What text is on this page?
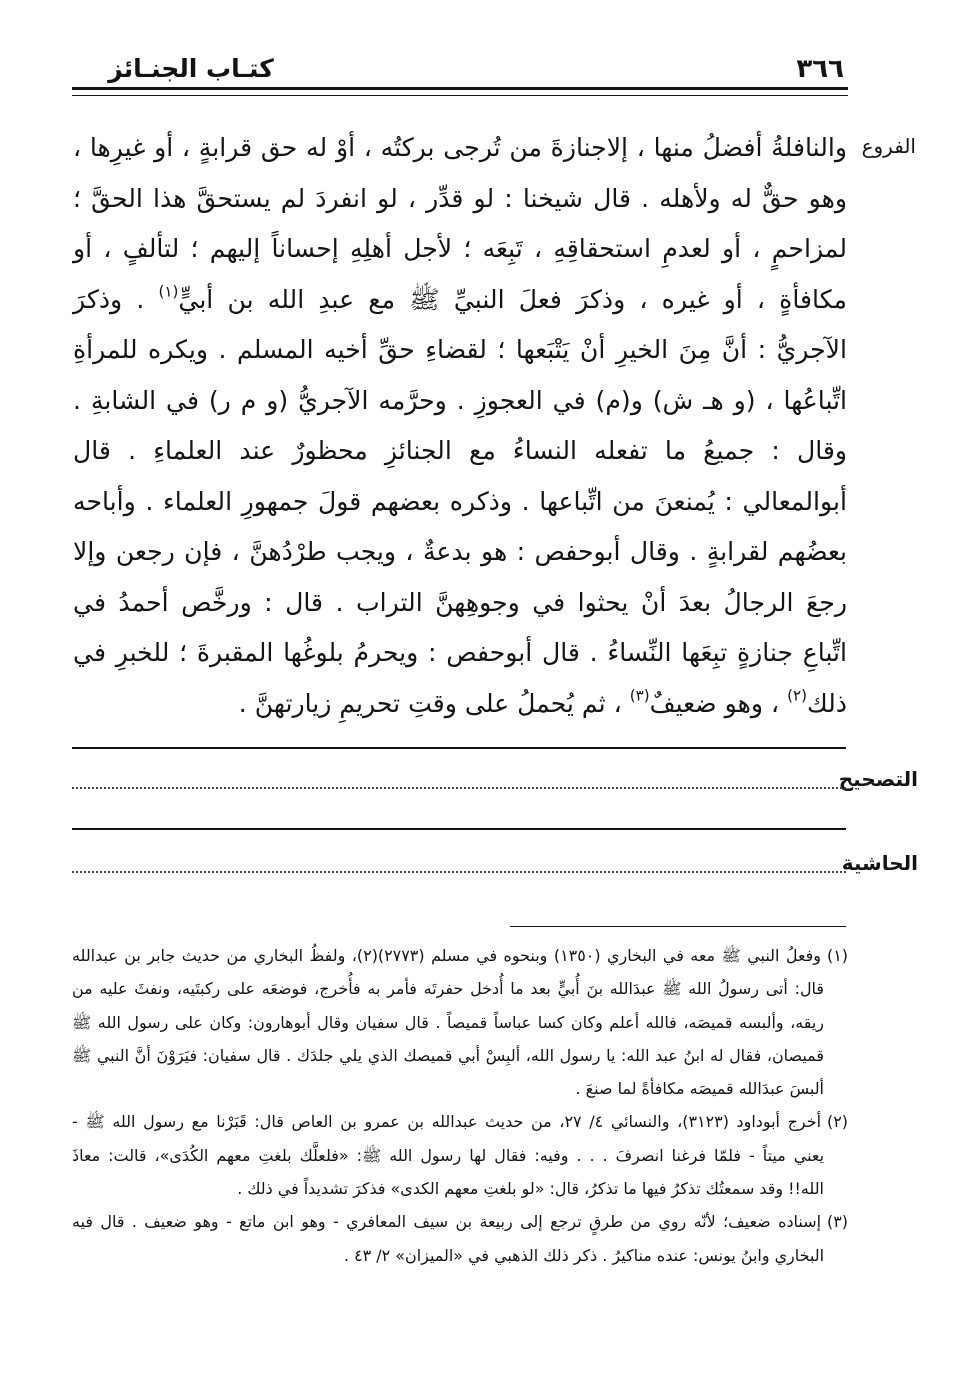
كتـاب الجنـائز	٣٦٦
الفروع
والنافلةُ أفضلُ منها ، إلاجنازةَ من تُرجى بركتُه ، أوْ له حق قرابةٍ ، أو غيرِها ،
وهو حقٌّ له ولأهله . قال شيخنا : لو قدِّر ، لو انفردَ لم يستحقَّ هذا الحقَّ ؛
لمزاحمٍ ، أو لعدمِ استحقاقِهِ ، تَبِعَه ؛ لأجل أهلِهِ إحساناً إليهم ؛ لتألفٍ ، أو
مكافأةٍ ، أو غيره ، وذكرَ فعلَ النبيِّ ﷺ مع عبدِ الله بن أبيٍّ$^{(١)}$ . وذكرَ
الآجريُّ : أنَّ مِنَ الخيرِ أنْ يَتْبَعها ؛ لقضاءِ حقِّ أخيه المسلم . ويكره للمرأةِ
اتِّباعُها ، (و هـ ش) و(م) في العجوزِ . وحرَّمه الآجريُّ (و م ر) في الشابةِ .
وقال : جميعُ ما تفعله النساءُ مع الجنائزِ محظورٌ عند العلماءِ . قال
أبوالمعالي : يُمنعنَ من اتِّباعها . وذكره بعضهم قولَ جمهورِ العلماء . وأباحه
بعضُهم لقرابةٍ . وقال أبوحفص : هو بدعةٌ ، ويجب طرْدُهنَّ ، فإن رجعن وإلا
رجعَ الرجالُ بعدَ أنْ يحثوا في وجوهِهنَّ التراب . قال : ورخَّص أحمدُ في
اتِّباعِ جنازةٍ تبِعَها النِّساءُ . قال أبوحفص : ويحرمُ بلوغُها المقبرةَ ؛ للخبرِ في
ذلك$^{(٢)}$ ، وهو ضعيفٌ$^{(٣)}$ ، ثم يُحملُ على وقتِ تحريمِ زيارتهنَّ .
التصحيح
الحاشية
(١)وفعلُ النبي ﷺ معه في البخاري (١٣٥٠) وبنحوه في مسلم (٢٧٧٣)(٢)، ولفظُ البخاري من حديث جابر بن عبدالله
قال: أتى رسولُ الله ﷺ عبدَالله بنَ أُبيٍّ بعد ما أُدخل حفرتَه فأمر به فأُخرج، فوضعَه على ركبتَيه، ونفثَ عليه من
ريقه، وألبسه قميصَه، فالله أعلم وكان كسا عباساً قميصاً . قال سفيان وقال أبوهارون: وكان على رسول الله ﷺ
قميصان، فقال له ابنُ عبد الله: يا رسول الله، ألبِسْ أبي قميصك الذي يلي جلدَك . قال سفيان: فيَرَوْنَ أنَّ النبي ﷺ
ألبسَ عبدَالله قميصَه مكافأةً لما صنعَ .
(٢)أخرج أبوداود (٣١٢٣)، والنسائي ٤/ ٢٧، من حديث عبدالله بن عمرو بن العاص قال: قَبَرْنا مع رسول الله ﷺ -
يعني ميتاً - فلمّا فرغنا انصرفَ . . . وفيه: فقال لها رسول الله ﷺ: «فلعلَّك بلغتِ معهم الكُدَى»، قالت: معاذَ
الله!! وقد سمعتُك تذكرُ فيها ما تذكرُ، قال: «لو بلغتِ معهم الكدى» فذكرَ تشديداً في ذلك .
(٣)إسناده ضعيف؛ لأنّه روي من طرقٍ ترجع إلى ربيعة بن سيف المعافري - وهو ابن ماتع - وهو ضعيف . قال فيه
البخاري وابنُ يونس: عنده مناكيرُ . ذكر ذلك الذهبي في «الميزان» ٢/ ٤٣ .
